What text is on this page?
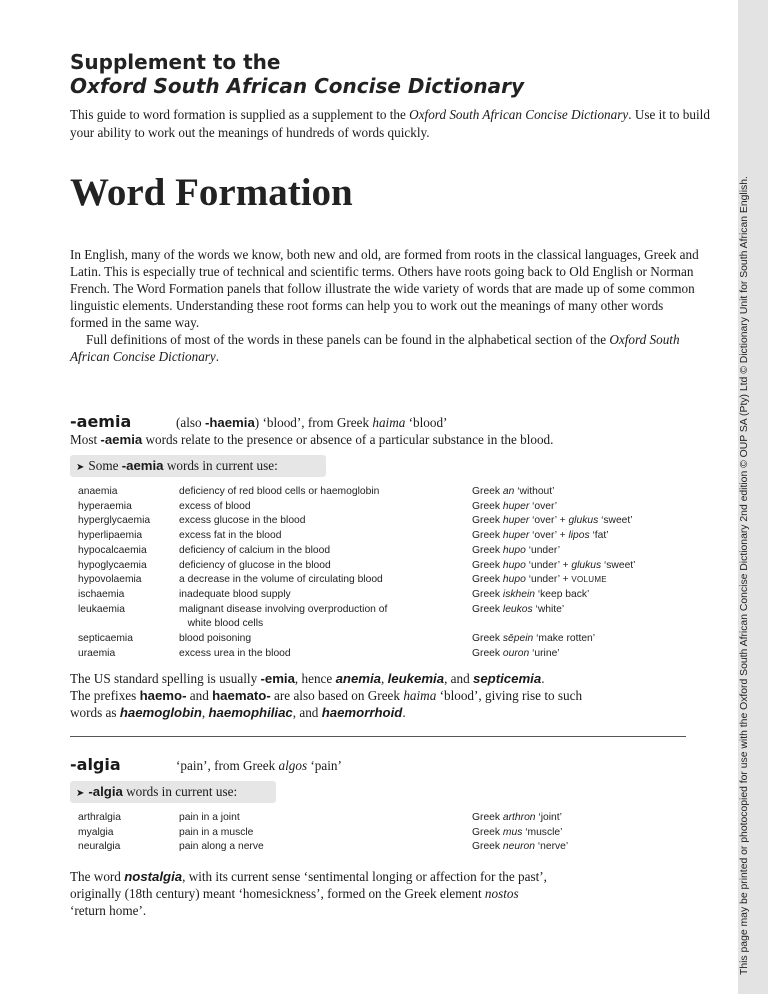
This page may be printed or photocopied for use with the Oxford South African Concise Dictionary 2nd edition © OUP SA (Pty) Ltd © Dictionary Unit for South African English.
Supplement to the
Oxford South African Concise Dictionary
This guide to word formation is supplied as a supplement to the Oxford South African Concise Dictionary. Use it to build your ability to work out the meanings of hundreds of words quickly.
Word Formation

In English, many of the words we know, both new and old, are formed from roots in the classical languages, Greek and Latin. This is especially true of technical and scientific terms. Others have roots going back to Old English or Norman French. The Word Formation panels that follow illustrate the wide variety of words that are made up of some common linguistic elements. Understanding these root forms can help you to work out the meanings of many other words formed in the same way.

Full definitions of most of the words in these panels can be found in the alphabetical section of the Oxford South African Concise Dictionary.

-aemia	(also -haemia) ‘blood’, from Greek haima ‘blood’
Most -aemia words relate to the presence or absence of a particular substance in the blood.
➤ Some -aemia words in current use:
anaemia
hyperaemia
hyperglycaemia
hyperlipaemia
hypocalcaemia
hypoglycaemia
hypovolaemia
ischaemia
leukaemia
septicaemia
uraemia
deficiency of red blood cells or haemoglobin
excess of blood
excess glucose in the blood
excess fat in the blood
deficiency of calcium in the blood
deficiency of glucose in the blood
a decrease in the volume of circulating blood
inadequate blood supply
malignant disease involving overproduction of
white blood cells
blood poisoning
excess urea in the blood
Greek an ‘without’
Greek huper ‘over’
Greek huper ‘over’ + glukus ‘sweet’
Greek huper ‘over’ + lipos ‘fat’
Greek hupo ‘under’
Greek hupo ‘under’ + glukus ‘sweet’
Greek hupo ‘under’ + VOLUME
Greek iskhein ‘keep back’
Greek leukos ‘white’
Greek sēpein ‘make rotten’
Greek ouron ‘urine’
The US standard spelling is usually -emia, hence anemia, leukemia, and septicemia.
The prefixes haemo- and haemato- are also based on Greek haima ‘blood’, giving rise to such
words as haemoglobin, haemophiliac, and haemorrhoid.
-algia	‘pain’, from Greek algos ‘pain’
➤ -algia words in current use:
arthralgia
myalgia
neuralgia
pain in a joint
pain in a muscle
pain along a nerve
Greek arthron ‘joint’
Greek mus ‘muscle’
Greek neuron ‘nerve’
The word nostalgia, with its current sense ‘sentimental longing or affection for the past’,
originally (18th century) meant ‘homesickness’, formed on the Greek element nostos
‘return home’.
